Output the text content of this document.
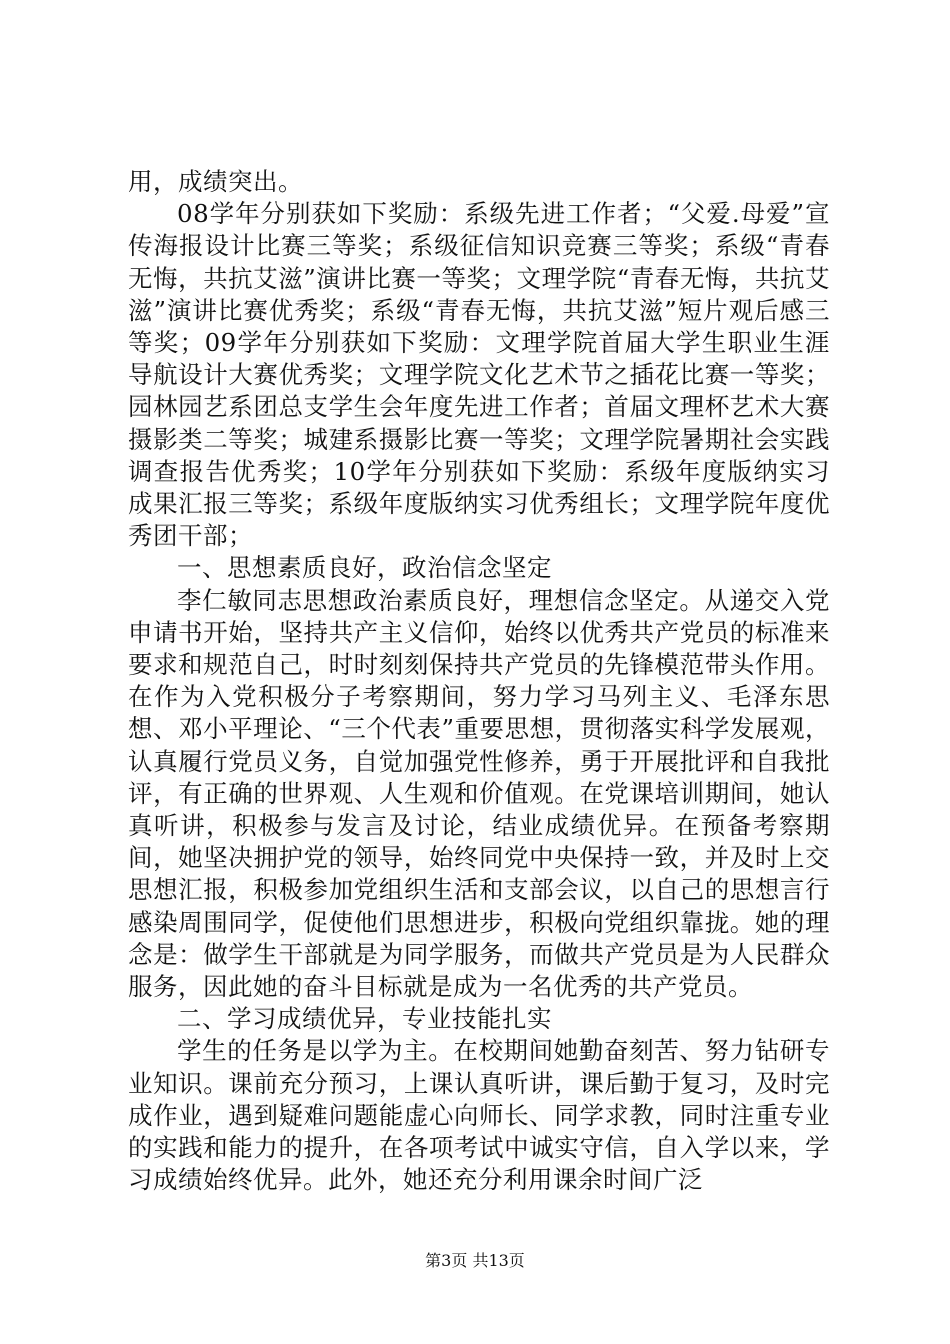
用，成绩突出。

08学年分别获如下奖励：系级先进工作者；“父爱.母爱”宣传海报设计比赛三等奖；系级征信知识竞赛三等奖；系级“青春无悔，共抗艾滋”演讲比赛一等奖；文理学院“青春无悔，共抗艾滋”演讲比赛优秀奖；系级“青春无悔，共抗艾滋”短片观后感三等奖；09学年分别获如下奖励：文理学院首届大学生职业生涯导航设计大赛优秀奖；文理学院文化艺术节之插花比赛一等奖；园林园艺系团总支学生会年度先进工作者；首届文理杯艺术大赛摄影类二等奖；城建系摄影比赛一等奖；文理学院暑期社会实践调查报告优秀奖；10学年分别获如下奖励：系级年度版纳实习成果汇报三等奖；系级年度版纳实习优秀组长；文理学院年度优秀团干部；

一、思想素质良好，政治信念坚定

李仁敏同志思想政治素质良好，理想信念坚定。从递交入党申请书开始，坚持共产主义信仰，始终以优秀共产党员的标准来要求和规范自己，时时刻刻保持共产党员的先锋模范带头作用。在作为入党积极分子考察期间，努力学习马列主义、毛泽东思想、邓小平理论、“三个代表”重要思想，贯彻落实科学发展观，认真履行党员义务，自觉加强党性修养，勇于开展批评和自我批评，有正确的世界观、人生观和价值观。在党课培训期间，她认真听讲，积极参与发言及讨论，结业成绩优异。在预备考察期间，她坚决拥护党的领导，始终同党中央保持一致，并及时上交思想汇报，积极参加党组织生活和支部会议，以自己的思想言行感染周围同学，促使他们思想进步，积极向党组织靠拢。她的理念是：做学生干部就是为同学服务，而做共产党员是为人民群众服务，因此她的奋斗目标就是成为一名优秀的共产党员。

二、学习成绩优异，专业技能扎实

学生的任务是以学为主。在校期间她勤奋刻苦、努力钻研专业知识。课前充分预习，上课认真听讲，课后勤于复习，及时完成作业，遇到疑难问题能虚心向师长、同学求教，同时注重专业的实践和能力的提升，在各项考试中诚实守信，自入学以来，学习成绩始终优异。此外，她还充分利用课余时间广泛

第3页 共13页
